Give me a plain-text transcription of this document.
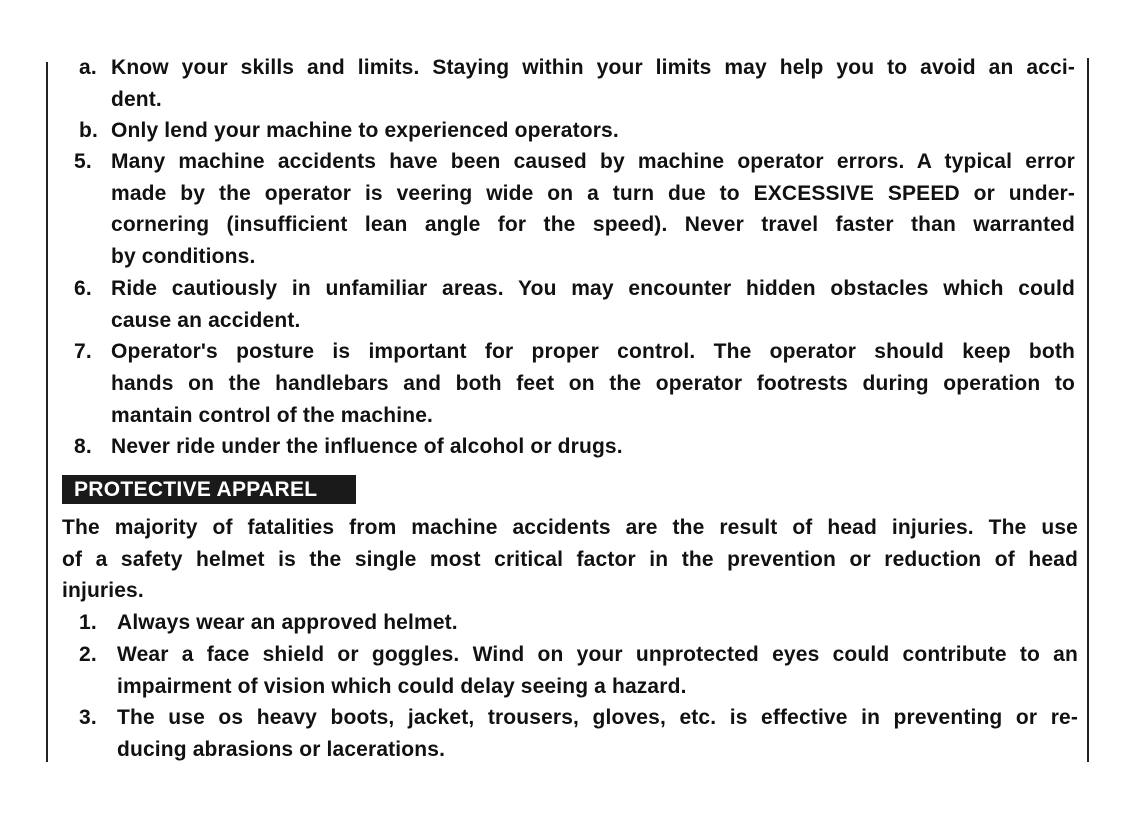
a. Know your skills and limits. Staying within your limits may help you to avoid an acci-
dent.
b. Only lend your machine to experienced operators.
5. Many machine accidents have been caused by machine operator errors. A typical error
made by the operator is veering wide on a turn due to EXCESSIVE SPEED or under-
cornering (insufficient lean angle for the speed). Never travel faster than warranted
by conditions.
6. Ride cautiously in unfamiliar areas. You may encounter hidden obstacles which could
cause an accident.
7. Operator's posture is important for proper control. The operator should keep both
hands on the handlebars and both feet on the operator footrests during operation to
mantain control of the machine.
8. Never ride under the influence of alcohol or drugs.
PROTECTIVE APPAREL
The majority of fatalities from machine accidents are the result of head injuries. The use
of a safety helmet is the single most critical factor in the prevention or reduction of head
injuries.
1. Always wear an approved helmet.
2. Wear a face shield or goggles. Wind on your unprotected eyes could contribute to an
impairment of vision which could delay seeing a hazard.
3. The use os heavy boots, jacket, trousers, gloves, etc. is effective in preventing or re-
ducing abrasions or lacerations.
